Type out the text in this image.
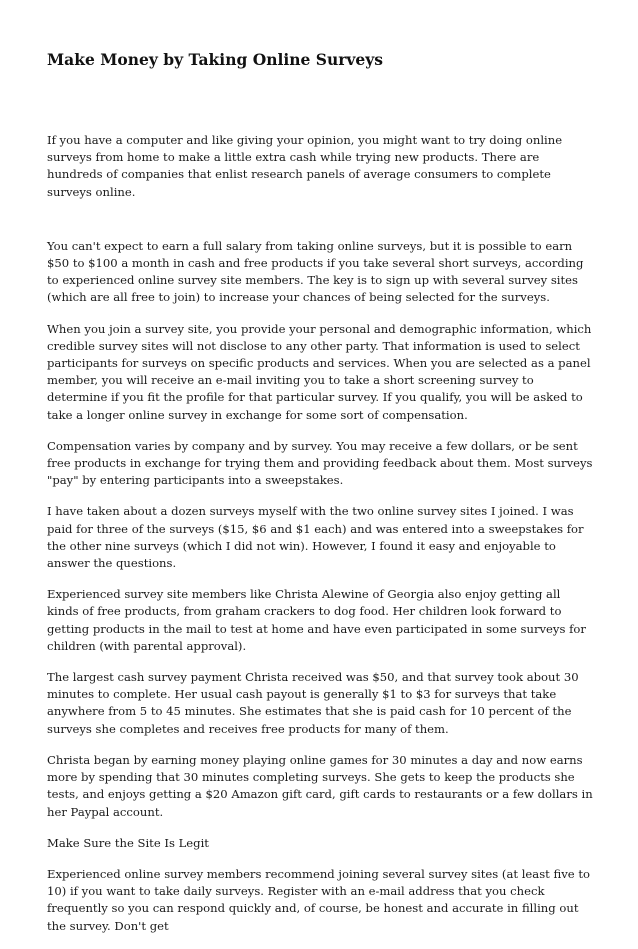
Make Money by Taking Online Surveys

If you have a computer and like giving your opinion, you might want to try doing online surveys from home to make a little extra cash while trying new products. There are hundreds of companies that enlist research panels of average consumers to complete surveys online.

You can't expect to earn a full salary from taking online surveys, but it is possible to earn $50 to $100 a month in cash and free products if you take several short surveys, according to experienced online survey site members. The key is to sign up with several survey sites (which are all free to join) to increase your chances of being selected for the surveys.

When you join a survey site, you provide your personal and demographic information, which credible survey sites will not disclose to any other party. That information is used to select participants for surveys on specific products and services. When you are selected as a panel member, you will receive an e-mail inviting you to take a short screening survey to determine if you fit the profile for that particular survey. If you qualify, you will be asked to take a longer online survey in exchange for some sort of compensation.

Compensation varies by company and by survey. You may receive a few dollars, or be sent free products in exchange for trying them and providing feedback about them. Most surveys "pay" by entering participants into a sweepstakes.

I have taken about a dozen surveys myself with the two online survey sites I joined. I was paid for three of the surveys ($15, $6 and $1 each) and was entered into a sweepstakes for the other nine surveys (which I did not win). However, I found it easy and enjoyable to answer the questions.

Experienced survey site members like Christa Alewine of Georgia also enjoy getting all kinds of free products, from graham crackers to dog food. Her children look forward to getting products in the mail to test at home and have even participated in some surveys for children (with parental approval).

The largest cash survey payment Christa received was $50, and that survey took about 30 minutes to complete. Her usual cash payout is generally $1 to $3 for surveys that take anywhere from 5 to 45 minutes. She estimates that she is paid cash for 10 percent of the surveys she completes and receives free products for many of them.

Christa began by earning money playing online games for 30 minutes a day and now earns more by spending that 30 minutes completing surveys. She gets to keep the products she tests, and enjoys getting a $20 Amazon gift card, gift cards to restaurants or a few dollars in her Paypal account.

Make Sure the Site Is Legit

Experienced online survey members recommend joining several survey sites (at least five to 10) if you want to take daily surveys. Register with an e-mail address that you check frequently so you can respond quickly and, of course, be honest and accurate in filling out the survey. Don't get
